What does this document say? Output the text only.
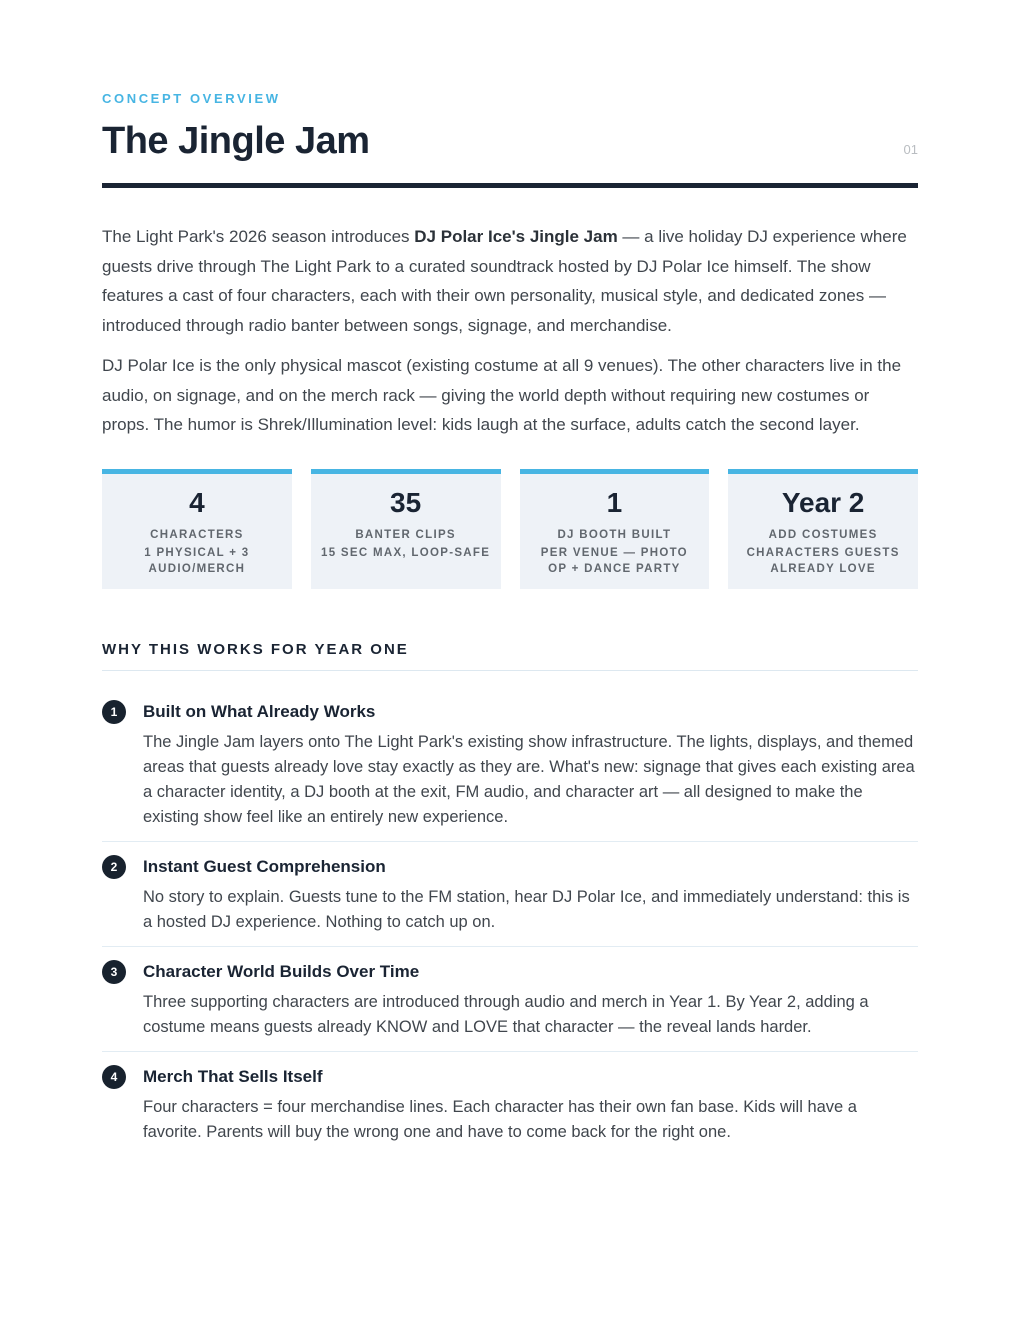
CONCEPT OVERVIEW
The Jingle Jam	01

The Light Park's 2026 season introduces DJ Polar Ice's Jingle Jam — a live holiday DJ experience where guests drive through The Light Park to a curated soundtrack hosted by DJ Polar Ice himself. The show features a cast of four characters, each with their own personality, musical style, and dedicated zones — introduced through radio banter between songs, signage, and merchandise.

DJ Polar Ice is the only physical mascot (existing costume at all 9 venues). The other characters live in the audio, on signage, and on the merch rack — giving the world depth without requiring new costumes or props. The humor is Shrek/Illumination level: kids laugh at the surface, adults catch the second layer.

4
CHARACTERS
1 PHYSICAL + 3 AUDIO/MERCH
35
BANTER CLIPS
15 SEC MAX, LOOP-SAFE
1
DJ BOOTH BUILT
PER VENUE — PHOTO OP + DANCE PARTY
Year 2
ADD COSTUMES
CHARACTERS GUESTS ALREADY LOVE
WHY THIS WORKS FOR YEAR ONE
1	Built on What Already Works
The Jingle Jam layers onto The Light Park's existing show infrastructure. The lights, displays, and themed areas that guests already love stay exactly as they are. What's new: signage that gives each existing area a character identity, a DJ booth at the exit, FM audio, and character art — all designed to make the existing show feel like an entirely new experience.
2	Instant Guest Comprehension
No story to explain. Guests tune to the FM station, hear DJ Polar Ice, and immediately understand: this is a hosted DJ experience. Nothing to catch up on.
3	Character World Builds Over Time
Three supporting characters are introduced through audio and merch in Year 1. By Year 2, adding a costume means guests already KNOW and LOVE that character — the reveal lands harder.
4	Merch That Sells Itself
Four characters = four merchandise lines. Each character has their own fan base. Kids will have a favorite. Parents will buy the wrong one and have to come back for the right one.
